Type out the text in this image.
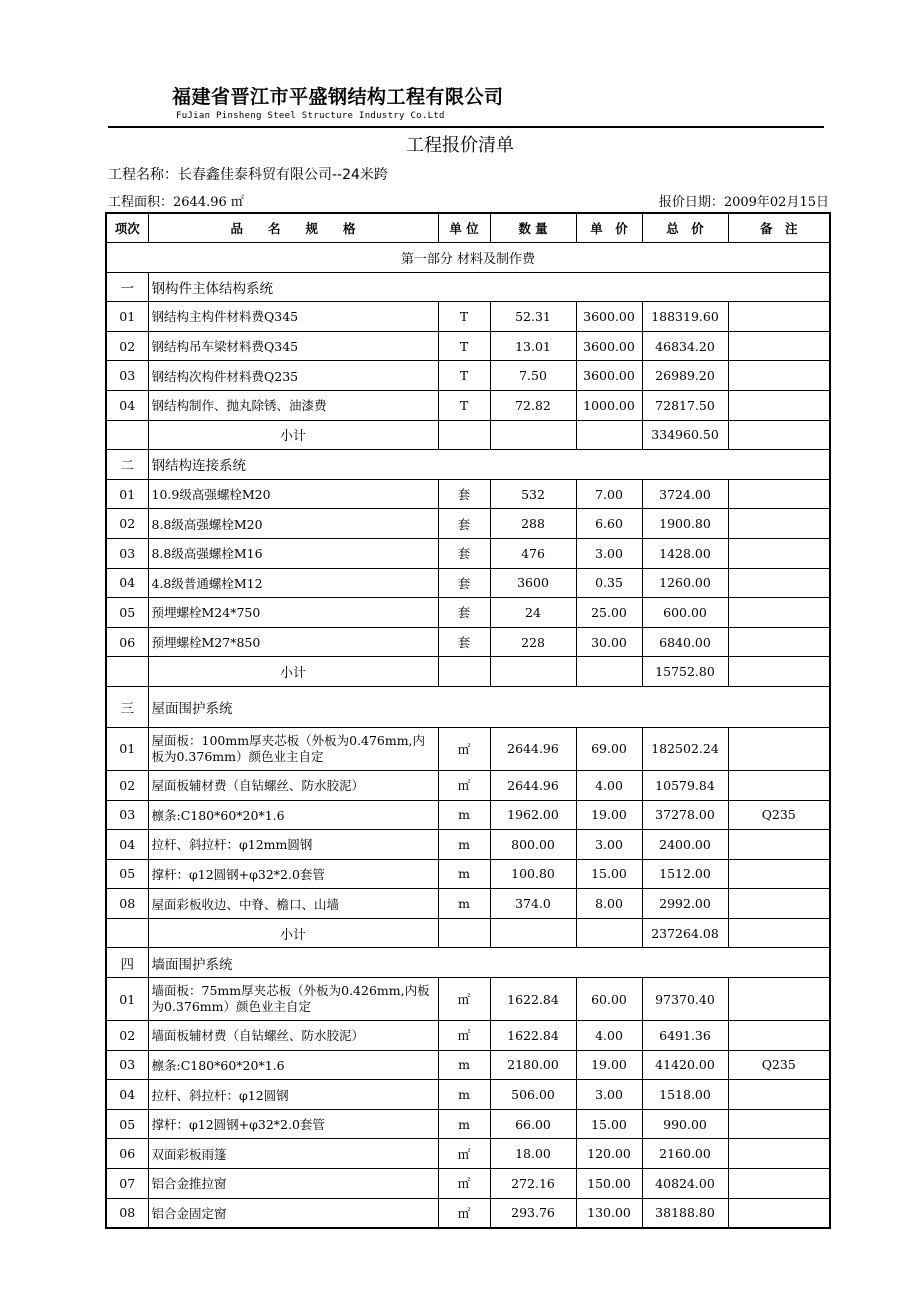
福建省晋江市平盛钢结构工程有限公司
FuJian Pinsheng Steel Structure Industry Co.Ltd
工程报价清单
工程名称：长春鑫佳泰科贸有限公司--24米跨
工程面积：2644.96 ㎡	报价日期：2009年02月15日
项次	品　　名　　规　　格	单 位	数 量	单　价	总　价	备　注
第一部分 材料及制作费						
一	钢构件主体结构系统					
01	钢结构主构件材料费Q345	T	52.31	3600.00	188319.60	
02	钢结构吊车梁材料费Q345	T	13.01	3600.00	46834.20	
03	钢结构次构件材料费Q235	T	7.50	3600.00	26989.20	
04	钢结构制作、抛丸除锈、油漆费	T	72.82	1000.00	72817.50	
	小计				334960.50	
二	钢结构连接系统					
01	10.9级高强螺栓M20	套	532	7.00	3724.00	
02	8.8级高强螺栓M20	套	288	6.60	1900.80	
03	8.8级高强螺栓M16	套	476	3.00	1428.00	
04	4.8级普通螺栓M12	套	3600	0.35	1260.00	
05	预埋螺栓M24*750	套	24	25.00	600.00	
06	预埋螺栓M27*850	套	228	30.00	6840.00	
	小计				15752.80	
三	屋面围护系统					
01	屋面板：100mm厚夹芯板（外板为0.476mm,内板为0.376mm）颜色业主自定	㎡	2644.96	69.00	182502.24	
02	屋面板辅材费（自钻螺丝、防水胶泥）	㎡	2644.96	4.00	10579.84	
03	檩条:C180*60*20*1.6	m	1962.00	19.00	37278.00	Q235
04	拉杆、斜拉杆：φ12mm圆钢	m	800.00	3.00	2400.00	
05	撑杆：φ12圆钢+φ32*2.0套管	m	100.80	15.00	1512.00	
08	屋面彩板收边、中脊、檐口、山墙	m	374.0	8.00	2992.00	
	小计				237264.08	
四	墙面围护系统					
01	墙面板：75mm厚夹芯板（外板为0.426mm,内板为0.376mm）颜色业主自定	㎡	1622.84	60.00	97370.40	
02	墙面板辅材费（自钻螺丝、防水胶泥）	㎡	1622.84	4.00	6491.36	
03	檩条:C180*60*20*1.6	m	2180.00	19.00	41420.00	Q235
04	拉杆、斜拉杆：φ12圆钢	m	506.00	3.00	1518.00	
05	撑杆：φ12圆钢+φ32*2.0套管	m	66.00	15.00	990.00	
06	双面彩板雨篷	㎡	18.00	120.00	2160.00	
07	铝合金推拉窗	㎡	272.16	150.00	40824.00	
08	铝合金固定窗	㎡	293.76	130.00	38188.80	
